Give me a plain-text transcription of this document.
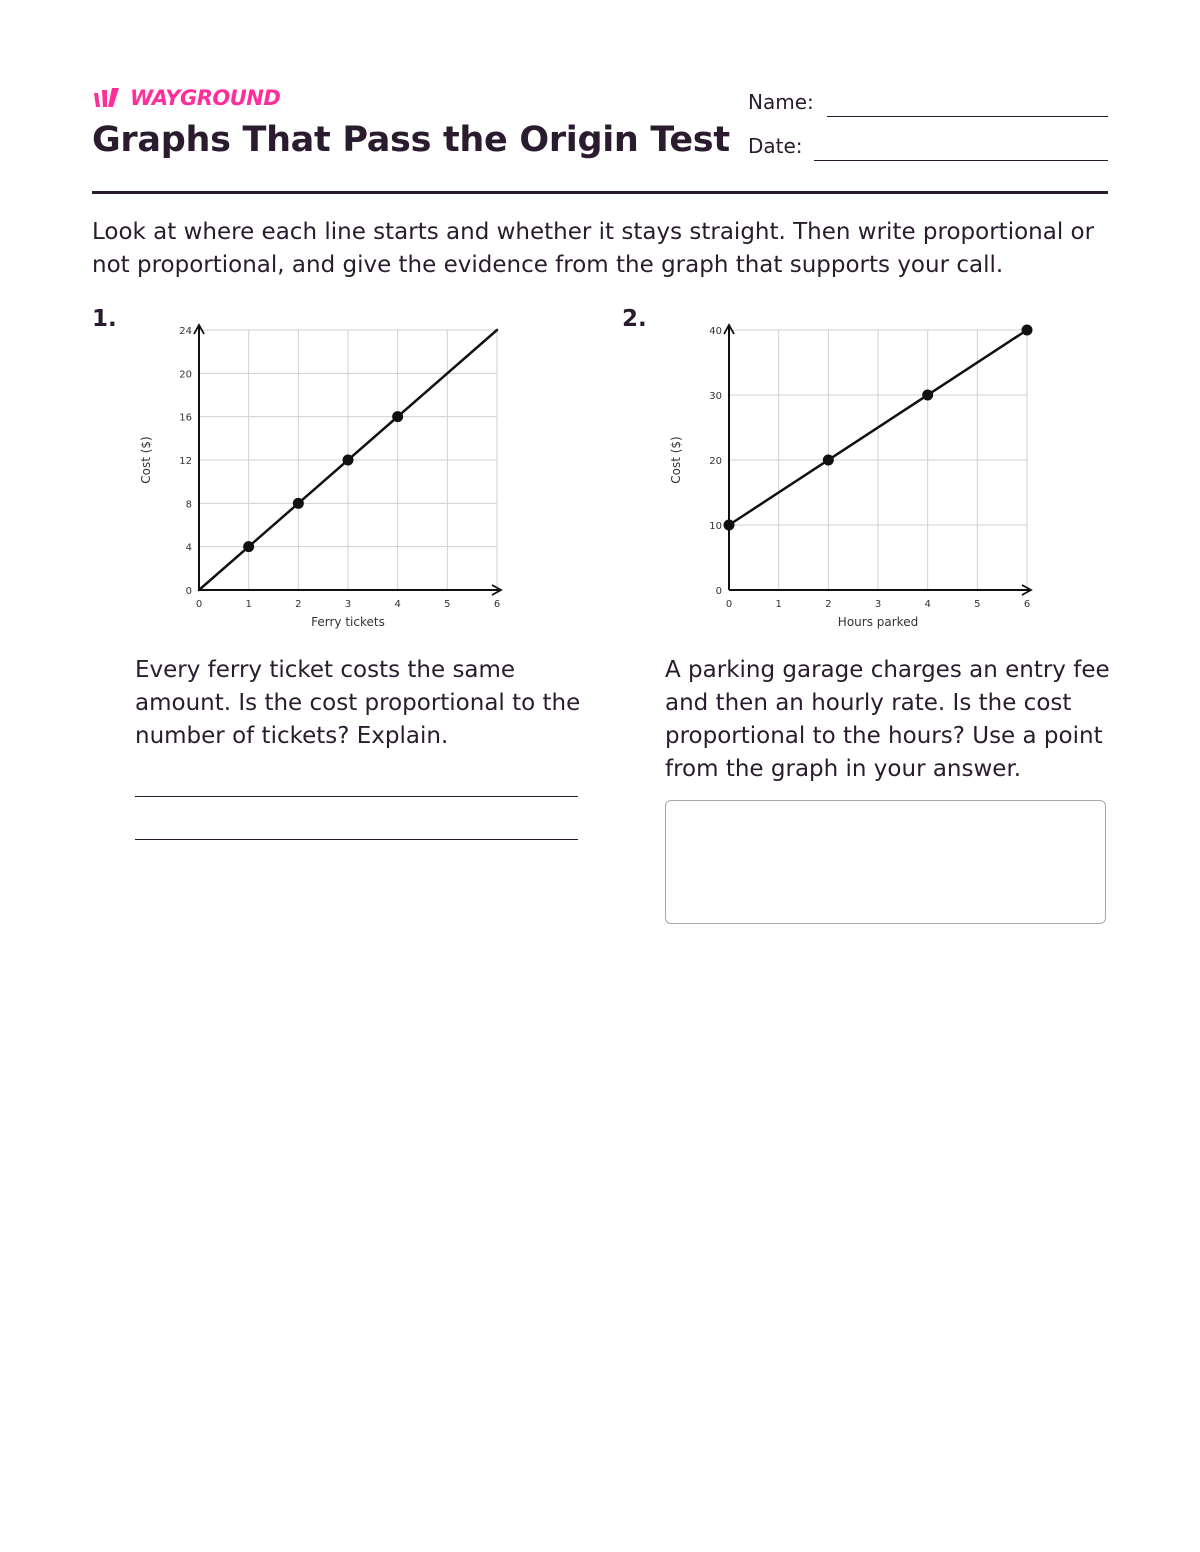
WAYGROUND
Graphs That Pass the Origin Test
Name:
Date:
Look at where each line starts and whether it stays straight. Then write proportional or not proportional, and give the evidence from the graph that supports your call.
1.
0	1	2	3	4	5	6
0
4
8
12
16
20
24
Ferry tickets
Cost ($)
Every ferry ticket costs the same amount. Is the cost proportional to the number of tickets? Explain.
2.
0	1	2	3	4	5	6
0
10
20
30
40
Hours parked
Cost ($)
A parking garage charges an entry fee and then an hourly rate. Is the cost proportional to the hours? Use a point from the graph in your answer.
